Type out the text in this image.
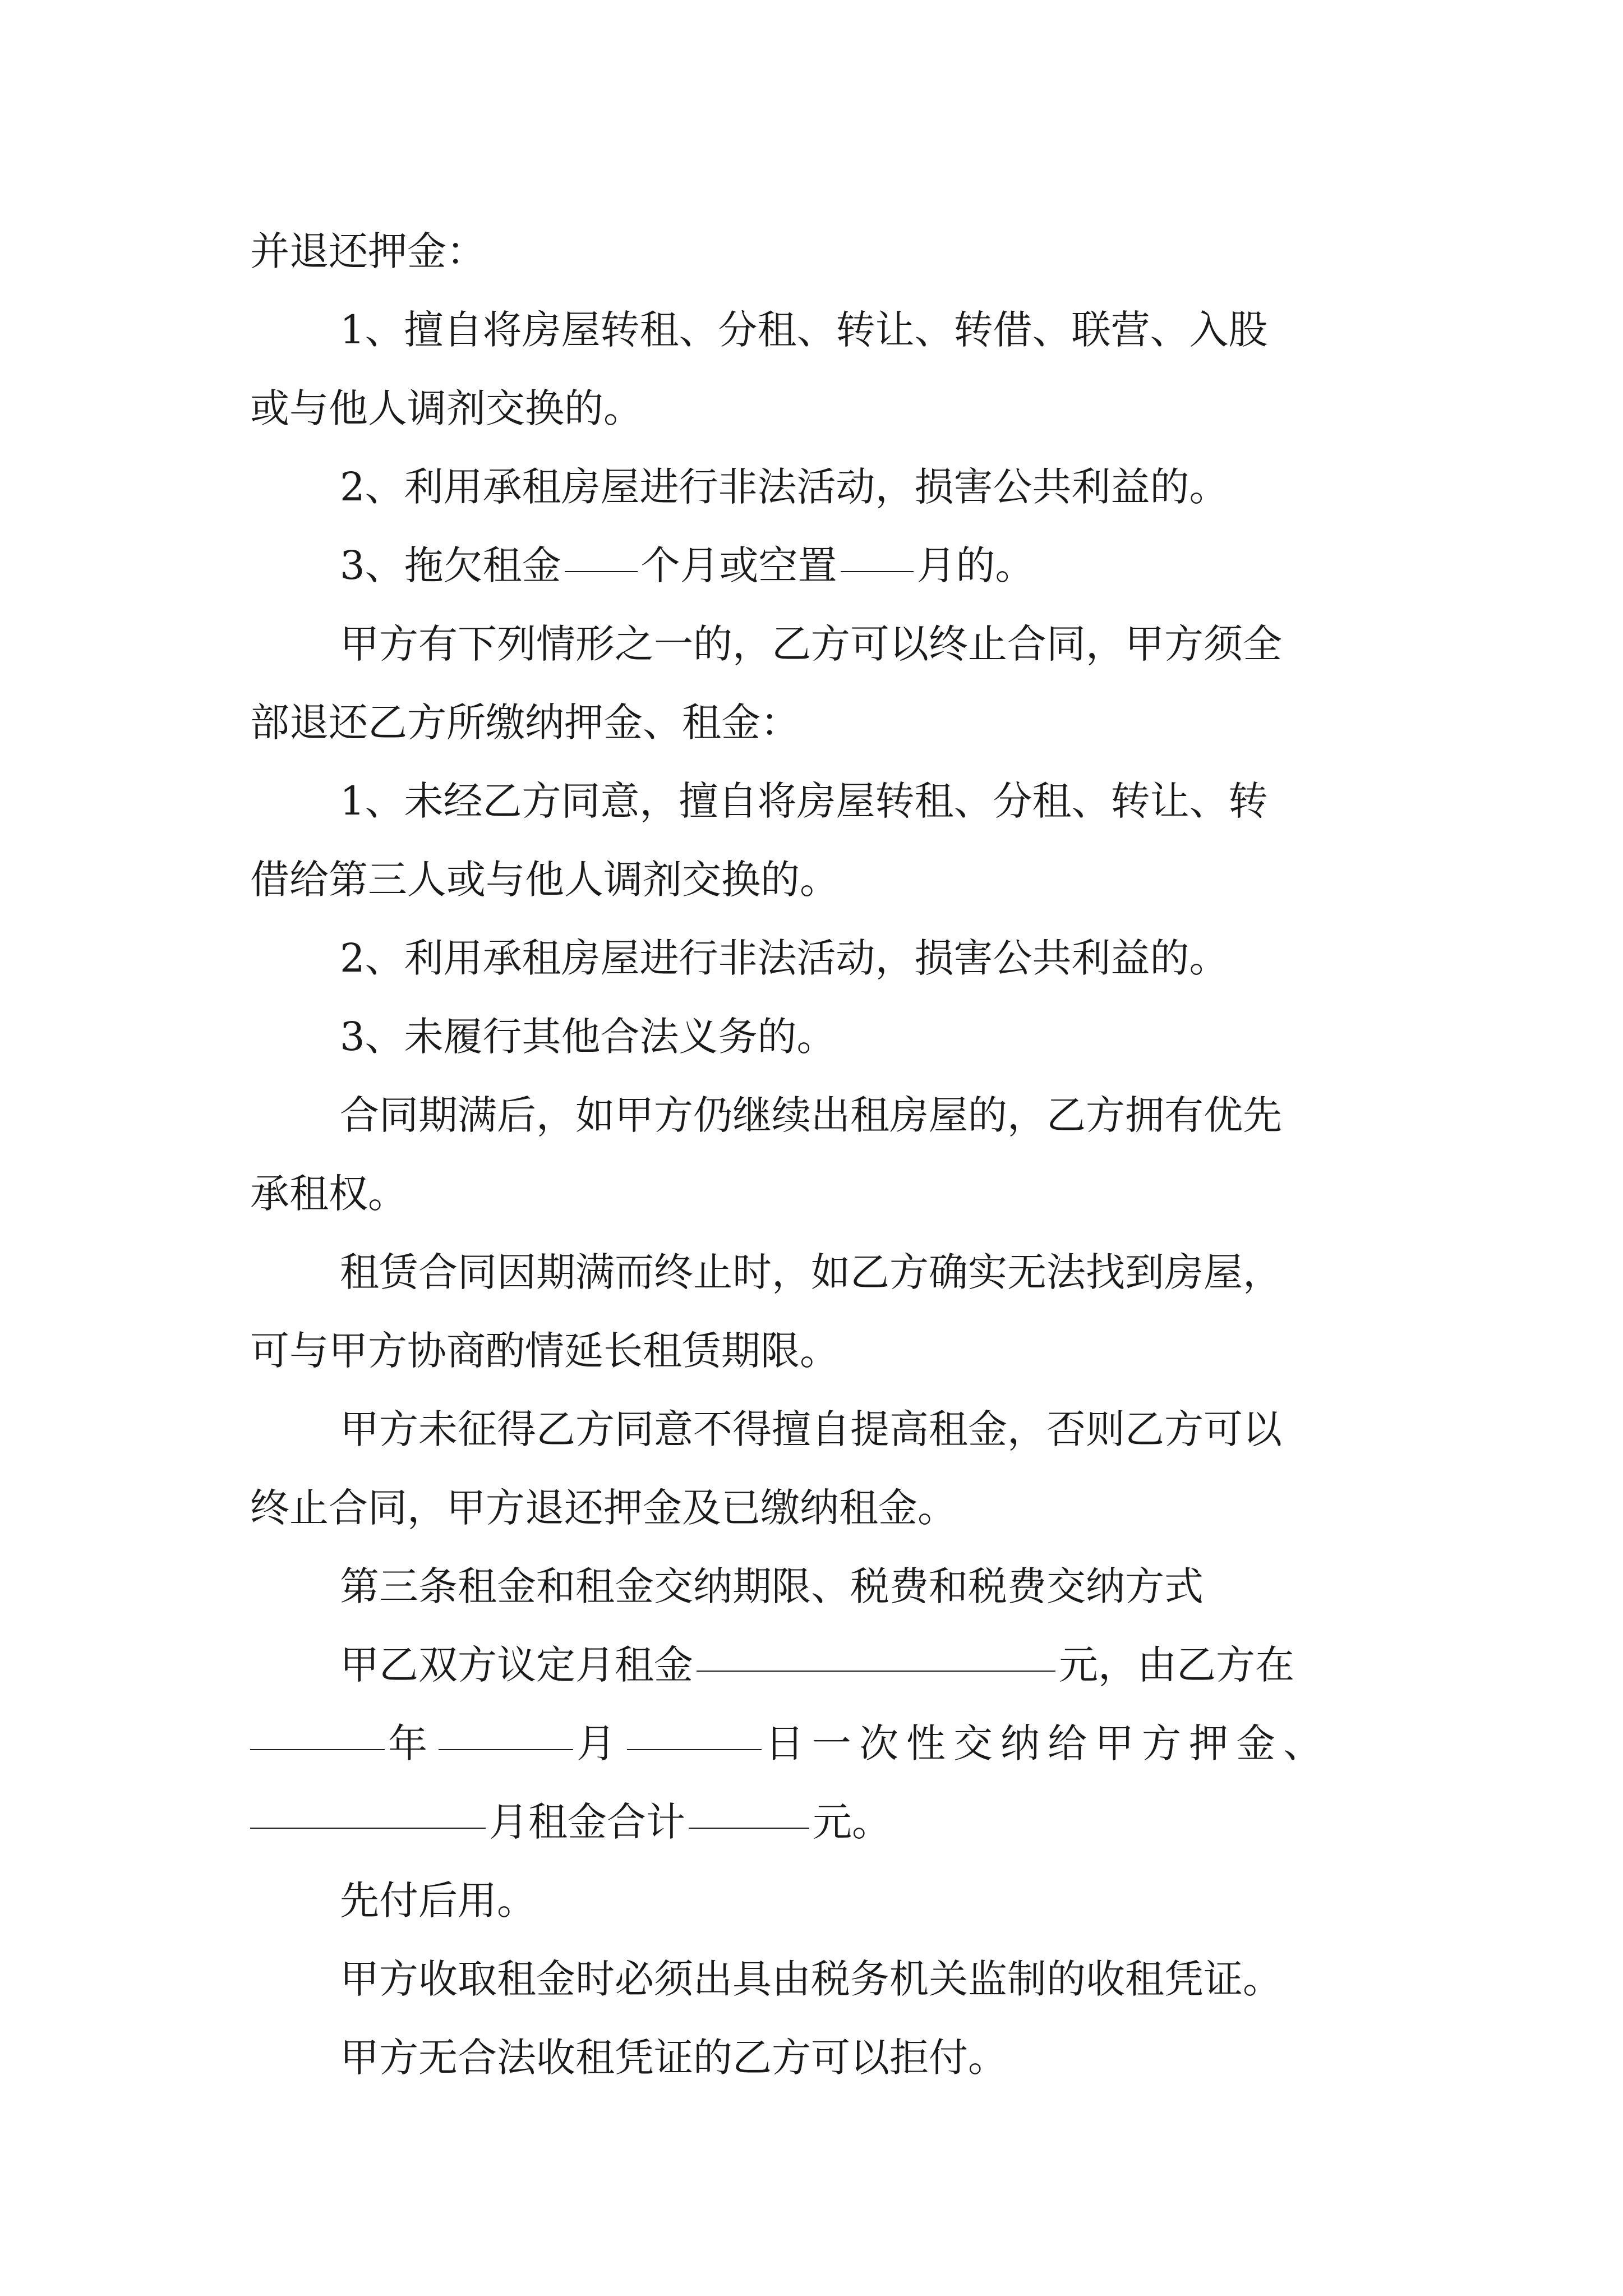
并退还押金：

1、擅自将房屋转租、分租、转让、转借、联营、入股

或与他人调剂交换的。

2、利用承租房屋进行非法活动，损害公共利益的。

3、拖欠租金 个月或空置 月的。

甲方有下列情形之一的，乙方可以终止合同，甲方须全

部退还乙方所缴纳押金、租金：

1、未经乙方同意，擅自将房屋转租、分租、转让、转

借给第三人或与他人调剂交换的。

2、利用承租房屋进行非法活动，损害公共利益的。

3、未履行其他合法义务的。

合同期满后，如甲方仍继续出租房屋的，乙方拥有优先

承租权。

租赁合同因期满而终止时，如乙方确实无法找到房屋，

可与甲方协商酌情延长租赁期限。

甲方未征得乙方同意不得擅自提高租金，否则乙方可以

终止合同，甲方退还押金及已缴纳租金。

第三条租金和租金交纳期限、税费和税费交纳方式

甲乙双方议定月租金	元，由乙方在

年	月	日一次性交纳给甲方押金、

月租金合计	元。

先付后用。

甲方收取租金时必须出具由税务机关监制的收租凭证。

甲方无合法收租凭证的乙方可以拒付。
